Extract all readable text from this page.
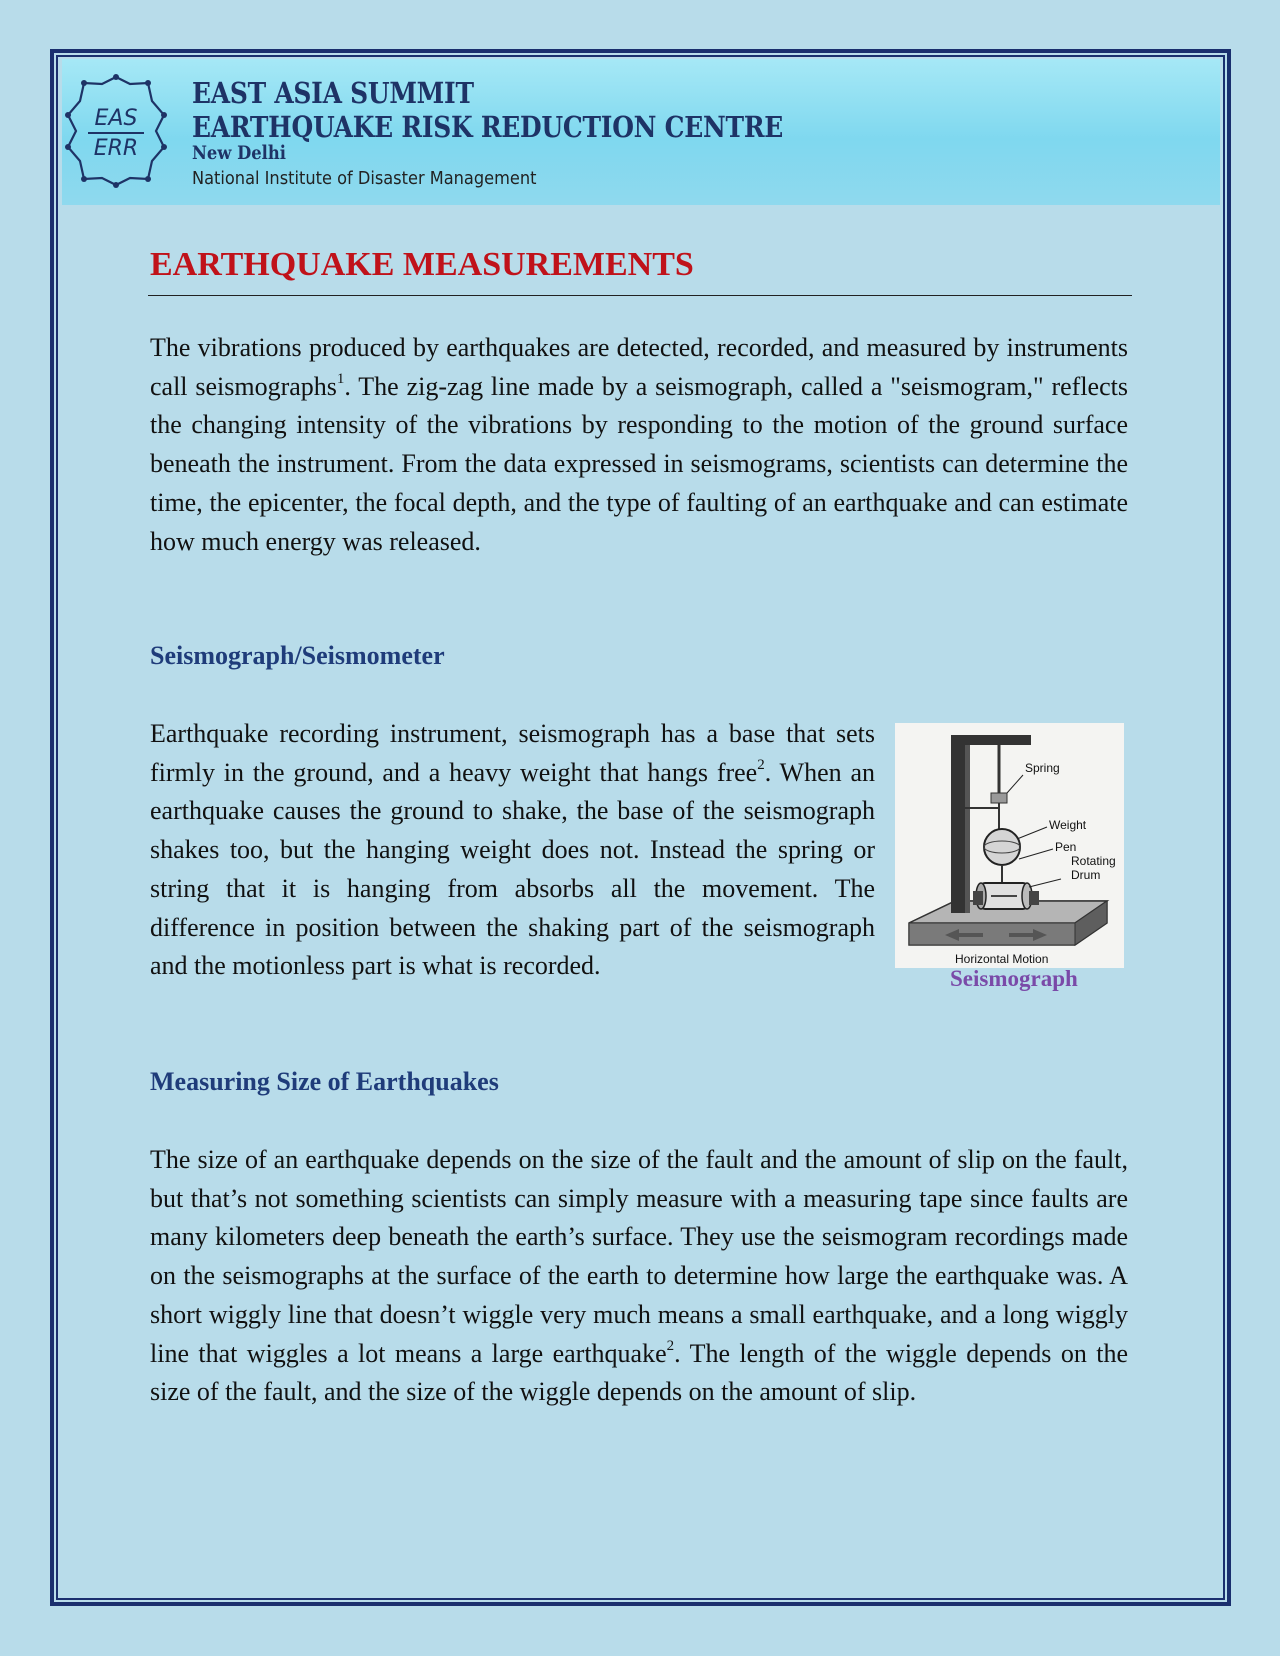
EAS
ERR
EAST ASIA SUMMIT
EARTHQUAKE RISK REDUCTION CENTRE
New Delhi
National Institute of Disaster Management
EARTHQUAKE MEASUREMENTS

The vibrations produced by earthquakes are detected, recorded, and measured by instruments call seismographs$^1$. The zig-zag line made by a seismograph, called a "seismogram," reflects the changing intensity of the vibrations by responding to the motion of the ground surface beneath the instrument. From the data expressed in seismograms, scientists can determine the time, the epicenter, the focal depth, and the type of faulting of an earthquake and can estimate how much energy was released.

Seismograph/Seismometer

Earthquake recording instrument, seismograph has a base that sets firmly in the ground, and a heavy weight that hangs free$^2$. When an earthquake causes the ground to shake, the base of the seismograph shakes too, but the hanging weight does not. Instead the spring or string that it is hanging from absorbs all the movement. The difference in position between the shaking part of the seismograph and the motionless part is what is recorded.

Spring
Weight
Pen
Rotating
Drum
Horizontal Motion
Seismograph
Measuring Size of Earthquakes

The size of an earthquake depends on the size of the fault and the amount of slip on the fault, but that’s not something scientists can simply measure with a measuring tape since faults are many kilometers deep beneath the earth’s surface. They use the seismogram recordings made on the seismographs at the surface of the earth to determine how large the earthquake was. A short wiggly line that doesn’t wiggle very much means a small earthquake, and a long wiggly line that wiggles a lot means a large earthquake$^2$. The length of the wiggle depends on the size of the fault, and the size of the wiggle depends on the amount of slip.
